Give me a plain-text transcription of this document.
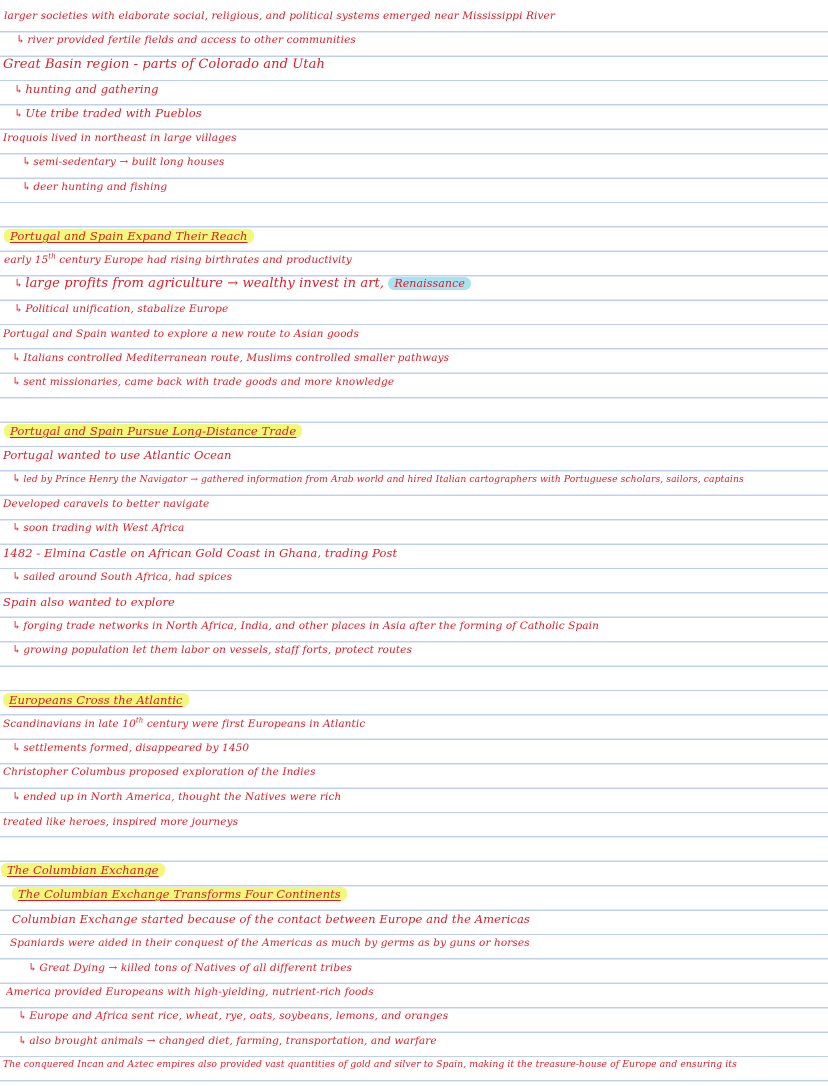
larger societies with elaborate social, religious, and political systems emerged near Mississippi River
↳ river provided fertile fields and access to other communities
Great Basin region - parts of Colorado and Utah
↳ hunting and gathering
↳ Ute tribe traded with Pueblos
Iroquois lived in northeast in large villages
↳ semi-sedentary → built long houses
↳ deer hunting and fishing
Portugal and Spain Expand Their Reach
early 15th century Europe had rising birthrates and productivity
↳ large profits from agriculture → wealthy invest in art, Renaissance
↳ Political unification, stabalize Europe
Portugal and Spain wanted to explore a new route to Asian goods
↳ Italians controlled Mediterranean route, Muslims controlled smaller pathways
↳ sent missionaries, came back with trade goods and more knowledge
Portugal and Spain Pursue Long-Distance Trade
Portugal wanted to use Atlantic Ocean
↳ led by Prince Henry the Navigator → gathered information from Arab world and hired Italian cartographers with Portuguese scholars, sailors, captains
Developed caravels to better navigate
↳ soon trading with West Africa
1482 - Elmina Castle on African Gold Coast in Ghana, trading Post
↳ sailed around South Africa, had spices
Spain also wanted to explore
↳ forging trade networks in North Africa, India, and other places in Asia after the forming of Catholic Spain
↳ growing population let them labor on vessels, staff forts, protect routes
Europeans Cross the Atlantic
Scandinavians in late 10th century were first Europeans in Atlantic
↳ settlements formed, disappeared by 1450
Christopher Columbus proposed exploration of the Indies
↳ ended up in North America, thought the Natives were rich
treated like heroes, inspired more journeys
The Columbian Exchange
The Columbian Exchange Transforms Four Continents
Columbian Exchange started because of the contact between Europe and the Americas
Spaniards were aided in their conquest of the Americas as much by germs as by guns or horses
↳ Great Dying → killed tons of Natives of all different tribes
America provided Europeans with high-yielding, nutrient-rich foods
↳ Europe and Africa sent rice, wheat, rye, oats, soybeans, lemons, and oranges
↳ also brought animals → changed diet, farming, transportation, and warfare
The conquered Incan and Aztec empires also provided vast quantities of gold and silver to Spain, making it the treasure-house of Europe and ensuring its
